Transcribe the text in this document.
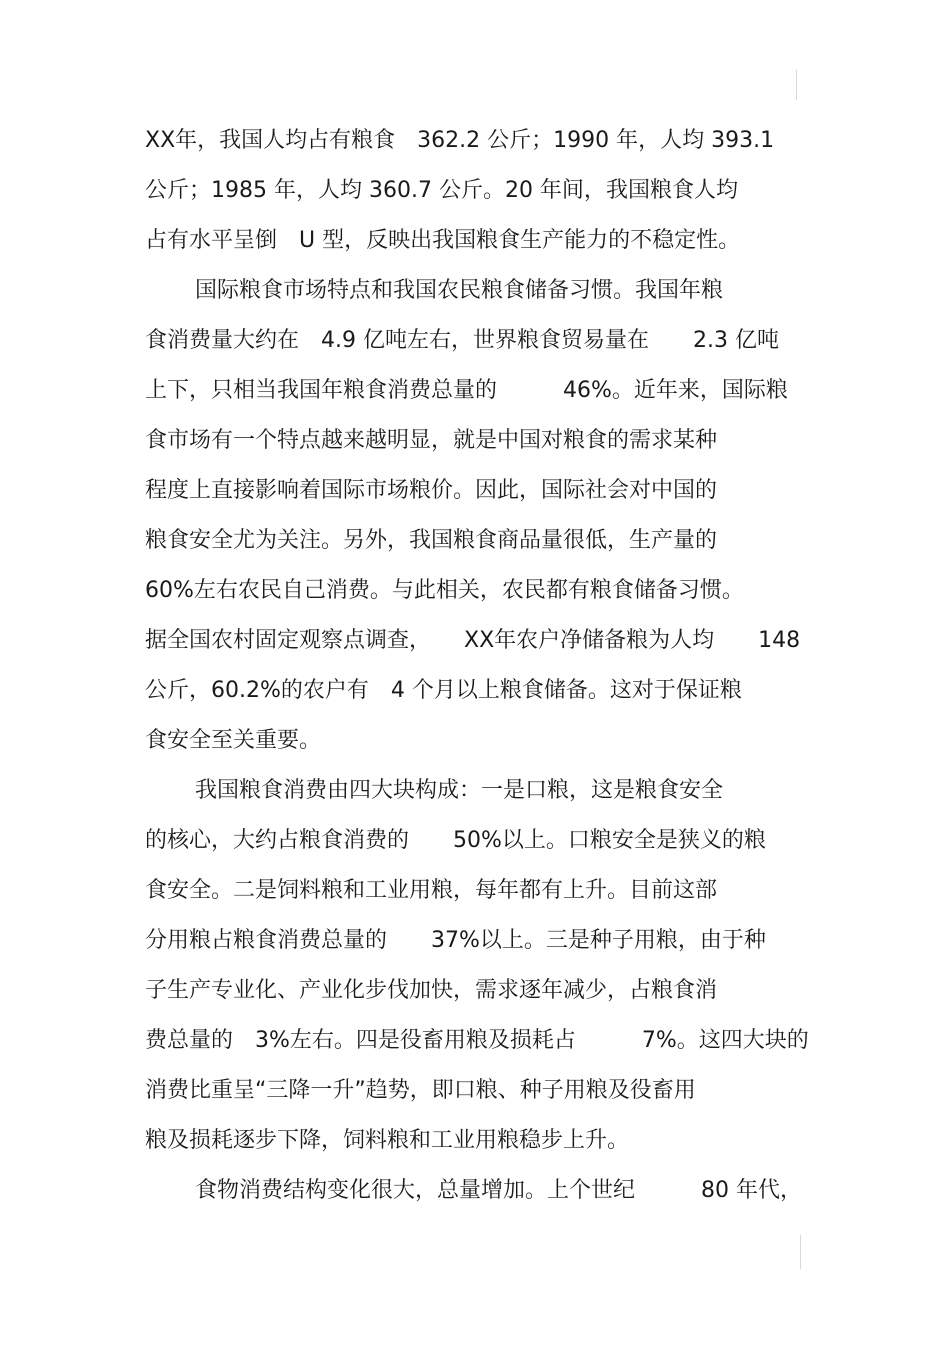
XX年，我国人均占有粮食　362.2 公斤；1990 年，人均 393.1
公斤；1985 年，人均 360.7 公斤。20 年间，我国粮食人均
占有水平呈倒　U 型，反映出我国粮食生产能力的不稳定性。
国际粮食市场特点和我国农民粮食储备习惯。我国年粮
食消费量大约在　4.9 亿吨左右，世界粮食贸易量在　　2.3 亿吨
上下，只相当我国年粮食消费总量的　　　46%。近年来，国际粮
食市场有一个特点越来越明显，就是中国对粮食的需求某种
程度上直接影响着国际市场粮价。因此，国际社会对中国的
粮食安全尤为关注。另外，我国粮食商品量很低，生产量的
60%左右农民自己消费。与此相关，农民都有粮食储备习惯。
据全国农村固定观察点调查，　　XX年农户净储备粮为人均　　148
公斤，60.2%的农户有　4 个月以上粮食储备。这对于保证粮
食安全至关重要。
我国粮食消费由四大块构成：一是口粮，这是粮食安全
的核心，大约占粮食消费的　　50%以上。口粮安全是狭义的粮
食安全。二是饲料粮和工业用粮，每年都有上升。目前这部
分用粮占粮食消费总量的　　37%以上。三是种子用粮，由于种
子生产专业化、产业化步伐加快，需求逐年减少，占粮食消
费总量的　3%左右。四是役畜用粮及损耗占　　　7%。这四大块的
消费比重呈“三降一升”趋势，即口粮、种子用粮及役畜用
粮及损耗逐步下降，饲料粮和工业用粮稳步上升。
食物消费结构变化很大，总量增加。上个世纪　　　80 年代，
